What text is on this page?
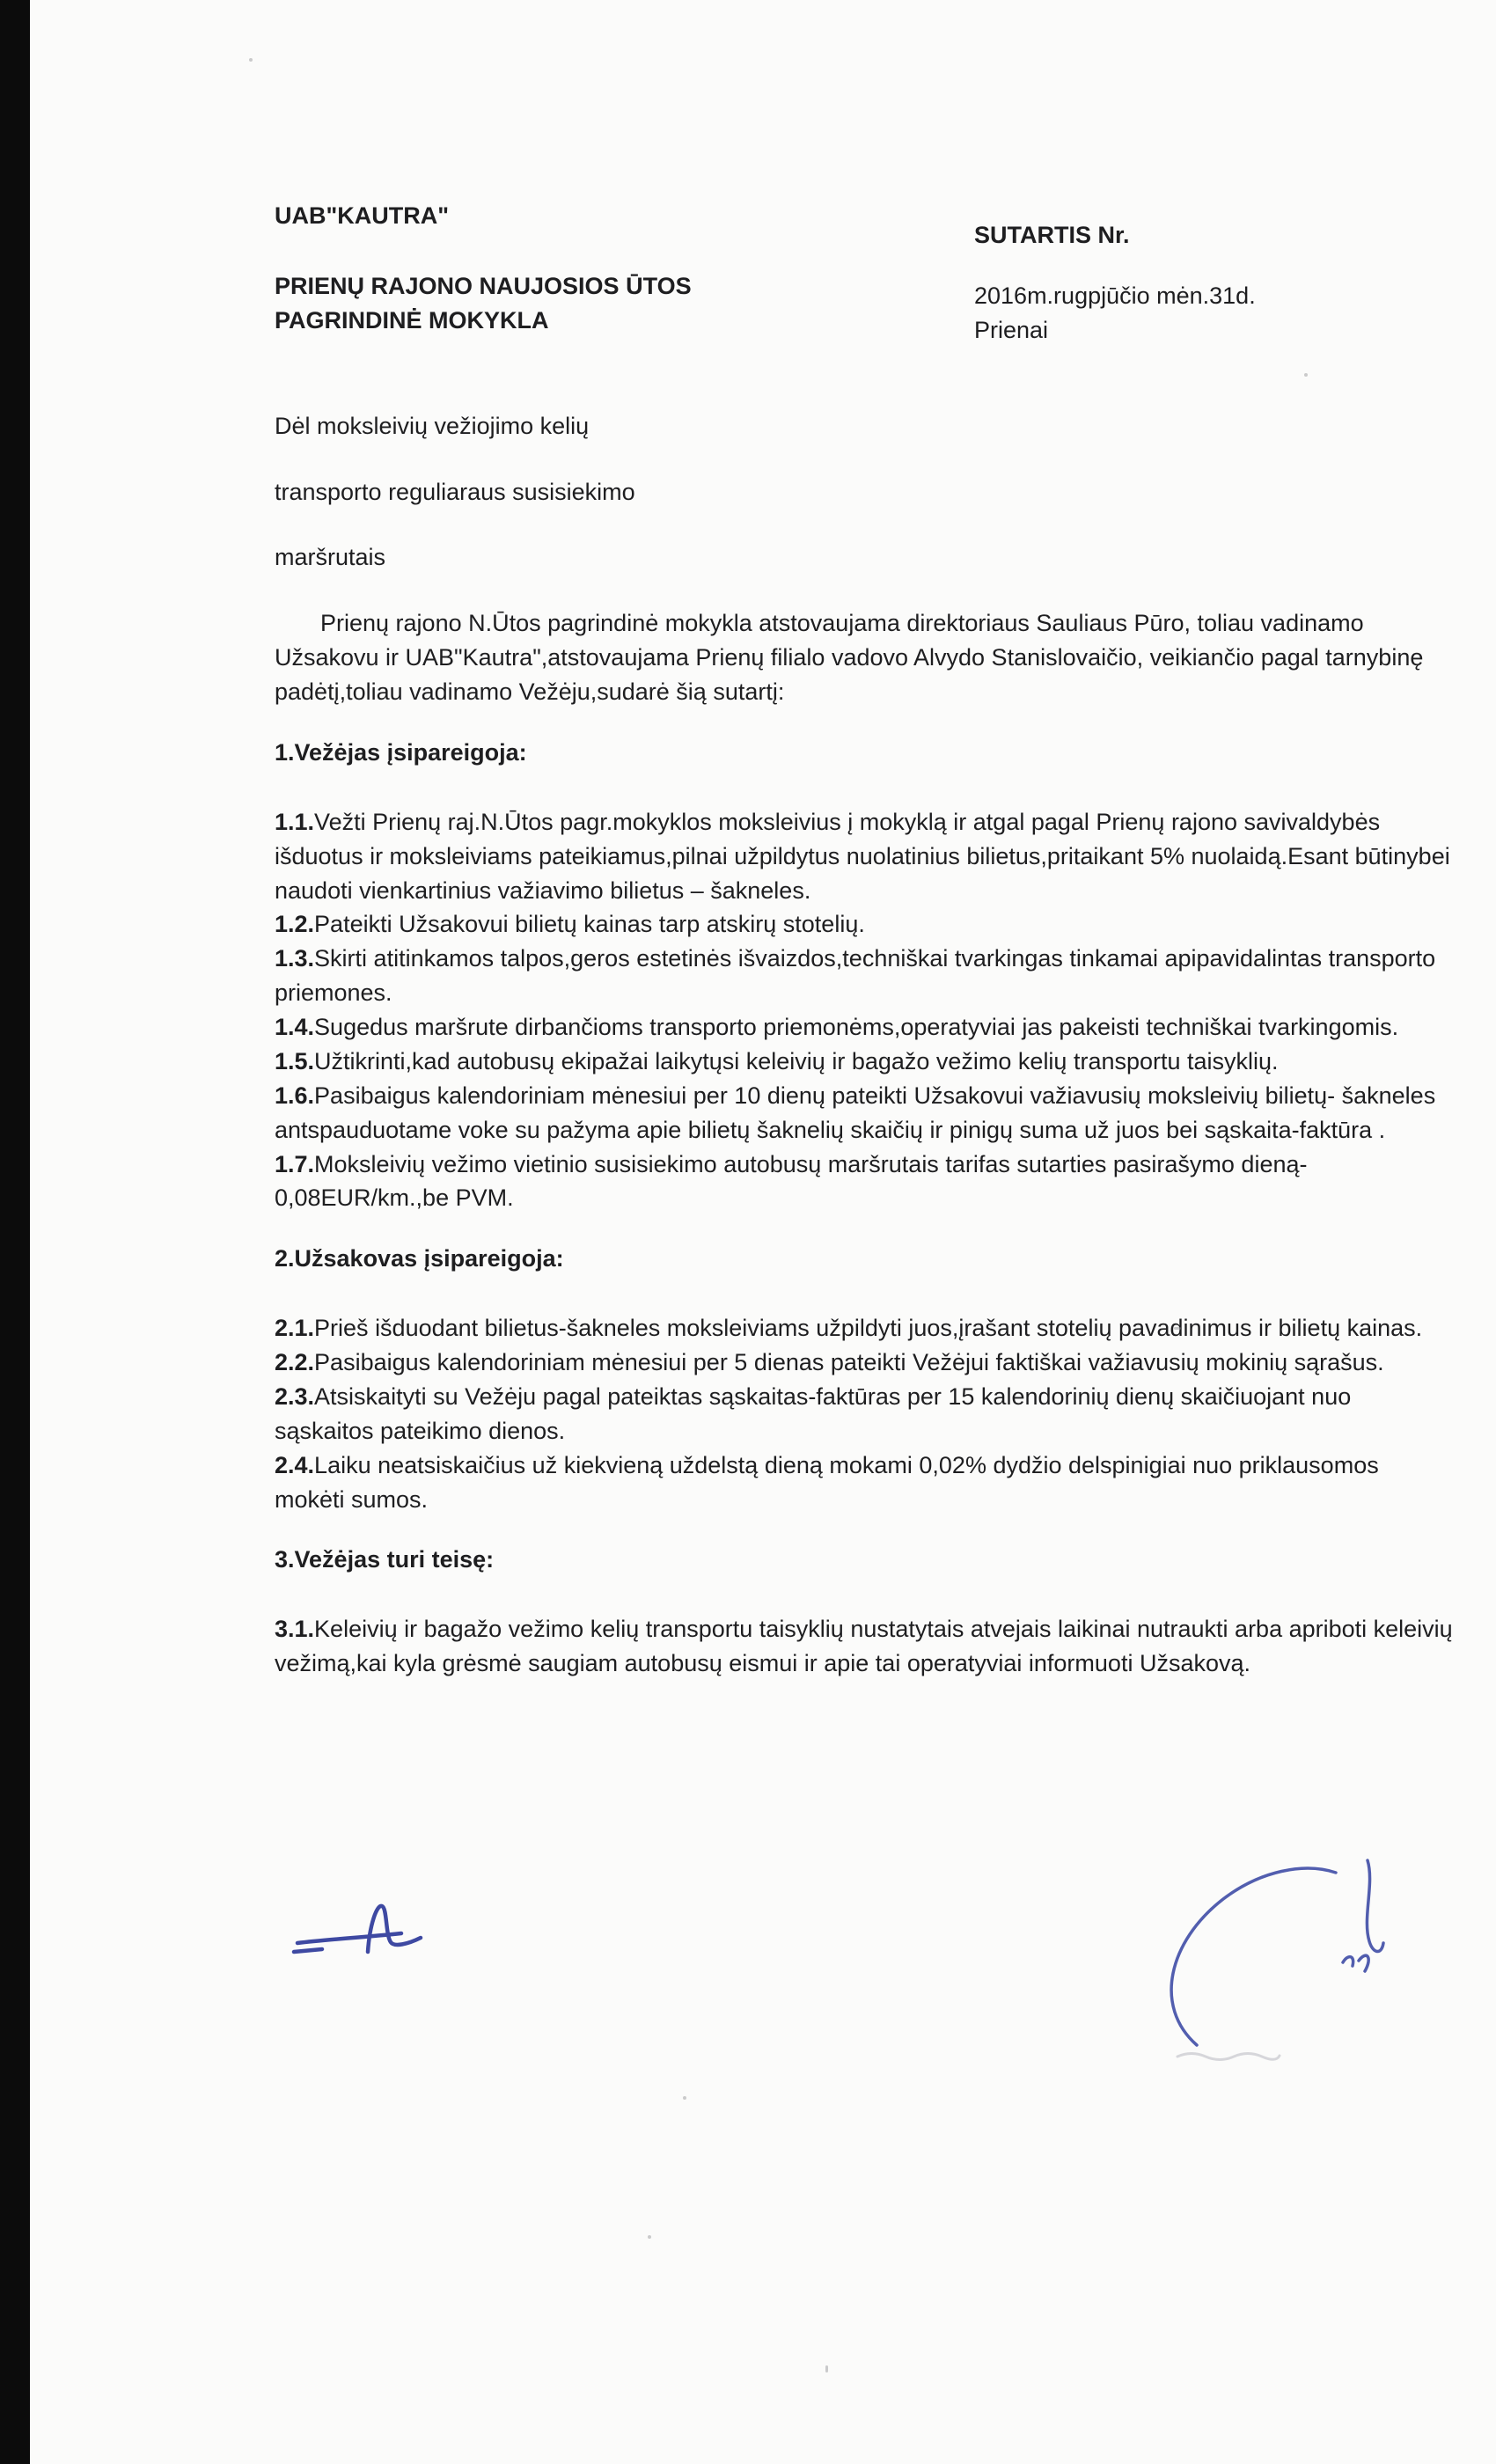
UAB"KAUTRA"

PRIENŲ RAJONO NAUJOSIOS ŪTOS

PAGRINDINĖ MOKYKLA

SUTARTIS Nr.

2016m.rugpjūčio mėn.31d.

Prienai

Dėl moksleivių vežiojimo kelių

transporto reguliaraus susisiekimo

maršrutais

Prienų rajono N.Ūtos pagrindinė mokykla atstovaujama direktoriaus Sauliaus Pūro, toliau vadinamo Užsakovu ir UAB"Kautra",atstovaujama Prienų filialo vadovo Alvydo Stanislovaičio, veikiančio pagal tarnybinę padėtį,toliau vadinamo Vežėju,sudarė šią sutartį:

1.Vežėjas įsipareigoja:

1.1.Vežti Prienų raj.N.Ūtos pagr.mokyklos moksleivius į mokyklą ir atgal pagal Prienų rajono savivaldybės išduotus ir moksleiviams pateikiamus,pilnai užpildytus nuolatinius bilietus,pritaikant 5% nuolaidą.Esant būtinybei naudoti vienkartinius važiavimo bilietus – šakneles.

1.2.Pateikti Užsakovui bilietų kainas tarp atskirų stotelių.

1.3.Skirti atitinkamos talpos,geros estetinės išvaizdos,techniškai tvarkingas tinkamai apipavidalintas transporto priemones.

1.4.Sugedus maršrute dirbančioms transporto priemonėms,operatyviai jas pakeisti techniškai tvarkingomis.

1.5.Užtikrinti,kad autobusų ekipažai laikytųsi keleivių ir bagažo vežimo kelių transportu taisyklių.

1.6.Pasibaigus kalendoriniam mėnesiui per 10 dienų pateikti Užsakovui važiavusių moksleivių bilietų- šakneles antspauduotame voke su pažyma apie bilietų šaknelių skaičių ir pinigų suma už juos bei sąskaita-faktūra .

1.7.Moksleivių vežimo vietinio susisiekimo autobusų maršrutais tarifas sutarties pasirašymo dieną- 0,08EUR/km.,be PVM.

2.Užsakovas įsipareigoja:

2.1.Prieš išduodant bilietus-šakneles moksleiviams užpildyti juos,įrašant stotelių pavadinimus ir bilietų kainas.

2.2.Pasibaigus kalendoriniam mėnesiui per 5 dienas pateikti Vežėjui faktiškai važiavusių mokinių sąrašus.

2.3.Atsiskaityti su Vežėju pagal pateiktas sąskaitas-faktūras per 15 kalendorinių dienų skaičiuojant nuo sąskaitos pateikimo dienos.

2.4.Laiku neatsiskaičius už kiekvieną uždelstą dieną mokami 0,02% dydžio delspinigiai nuo priklausomos mokėti sumos.

3.Vežėjas turi teisę:

3.1.Keleivių ir bagažo vežimo kelių transportu taisyklių nustatytais atvejais laikinai nutraukti arba apriboti keleivių vežimą,kai kyla grėsmė saugiam autobusų eismui ir apie tai operatyviai informuoti Užsakovą.
